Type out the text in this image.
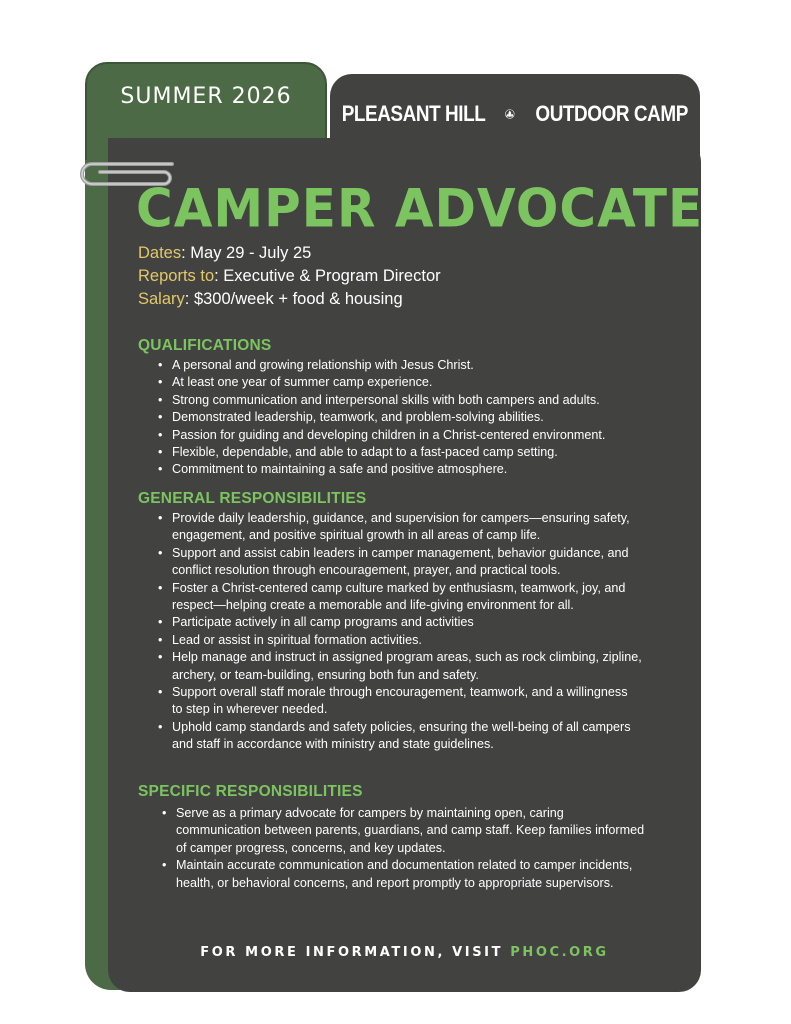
SUMMER 2026
PLEASANT HILL OUTDOOR CAMP
CAMPER ADVOCATE
Dates: May 29 - July 25
Reports to: Executive & Program Director
Salary: $300/week + food & housing
QUALIFICATIONS
• A personal and growing relationship with Jesus Christ.
• At least one year of summer camp experience.
• Strong communication and interpersonal skills with both campers and adults.
• Demonstrated leadership, teamwork, and problem-solving abilities.
• Passion for guiding and developing children in a Christ-centered environment.
• Flexible, dependable, and able to adapt to a fast-paced camp setting.
• Commitment to maintaining a safe and positive atmosphere.
GENERAL RESPONSIBILITIES
• Provide daily leadership, guidance, and supervision for campers—ensuring safety,
engagement, and positive spiritual growth in all areas of camp life.
• Support and assist cabin leaders in camper management, behavior guidance, and
conflict resolution through encouragement, prayer, and practical tools.
• Foster a Christ-centered camp culture marked by enthusiasm, teamwork, joy, and
respect—helping create a memorable and life-giving environment for all.
• Participate actively in all camp programs and activities
• Lead or assist in spiritual formation activities.
• Help manage and instruct in assigned program areas, such as rock climbing, zipline,
archery, or team-building, ensuring both fun and safety.
• Support overall staff morale through encouragement, teamwork, and a willingness
to step in wherever needed.
• Uphold camp standards and safety policies, ensuring the well-being of all campers
and staff in accordance with ministry and state guidelines.
SPECIFIC RESPONSIBILITIES
• Serve as a primary advocate for campers by maintaining open, caring
communication between parents, guardians, and camp staff. Keep families informed
of camper progress, concerns, and key updates.
• Maintain accurate communication and documentation related to camper incidents,
health, or behavioral concerns, and report promptly to appropriate supervisors.
FOR MORE INFORMATION, VISIT PHOC.ORG
